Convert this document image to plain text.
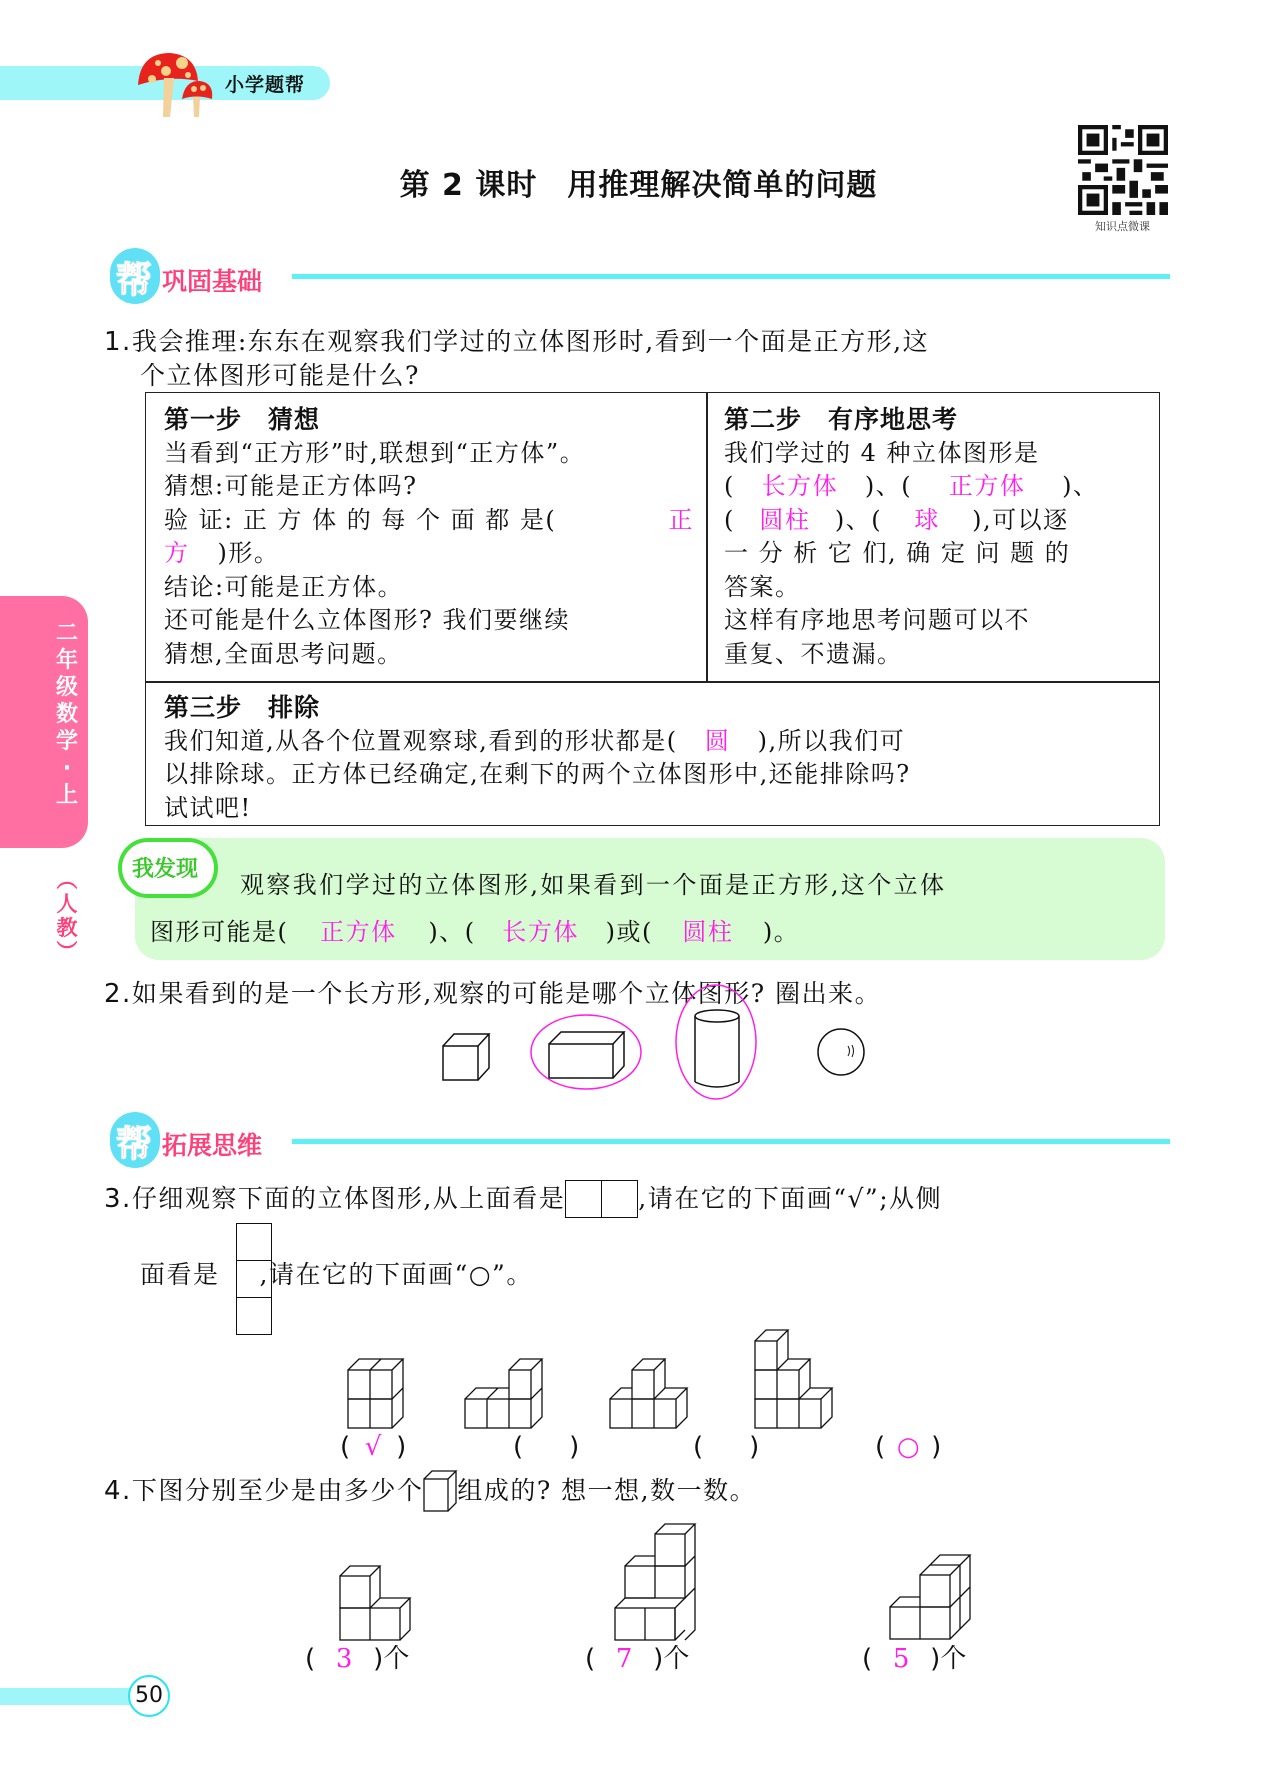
小学题帮
第 2 课时 用推理解决简单的问题
知识点微课
帮 巩固基础
1.我会推理:东东在观察我们学过的立体图形时,看到一个面是正方形,这
个立体图形可能是什么?
第一步　猜想
当看到“正方形”时,联想到“正方体”。
猜想:可能是正方体吗?
验 证: 正 方 体 的 每 个 面 都 是(	正
方 )形。
结论:可能是正方体。
还可能是什么立体图形? 我们要继续
猜想,全面思考问题。
第二步　有序地思考
我们学过的 4 种立体图形是
( 长方体 )、( 正方体 )、
( 圆柱 )、( 球 ),可以逐
一 分 析 它 们, 确 定 问 题 的
答案。
这样有序地思考问题可以不
重复、不遗漏。
第三步　排除
我们知道,从各个位置观察球,看到的形状都是( 圆 ),所以我们可
以排除球。正方体已经确定,在剩下的两个立体图形中,还能排除吗?
试试吧!
我发现
观察我们学过的立体图形,如果看到一个面是正方形,这个立体
图形可能是( 正方体 )、( 长方体 )或( 圆柱 )。
二
年
级
数
学
·
上
︵
人
教
︶
2.如果看到的是一个长方形,观察的可能是哪个立体图形? 圈出来。
帮 拓展思维
3. 仔细观察下面的立体图形,从上面看是	,请在它的下面画“√”;从侧
面看是 ,请在它的下面画“○”。
( √ )	( )	( )	( ○ )
4. 下图分别至少是由多少个 组成的? 想一想,数一数。
( 3 )个	( 7 )个	( 5 )个
50
